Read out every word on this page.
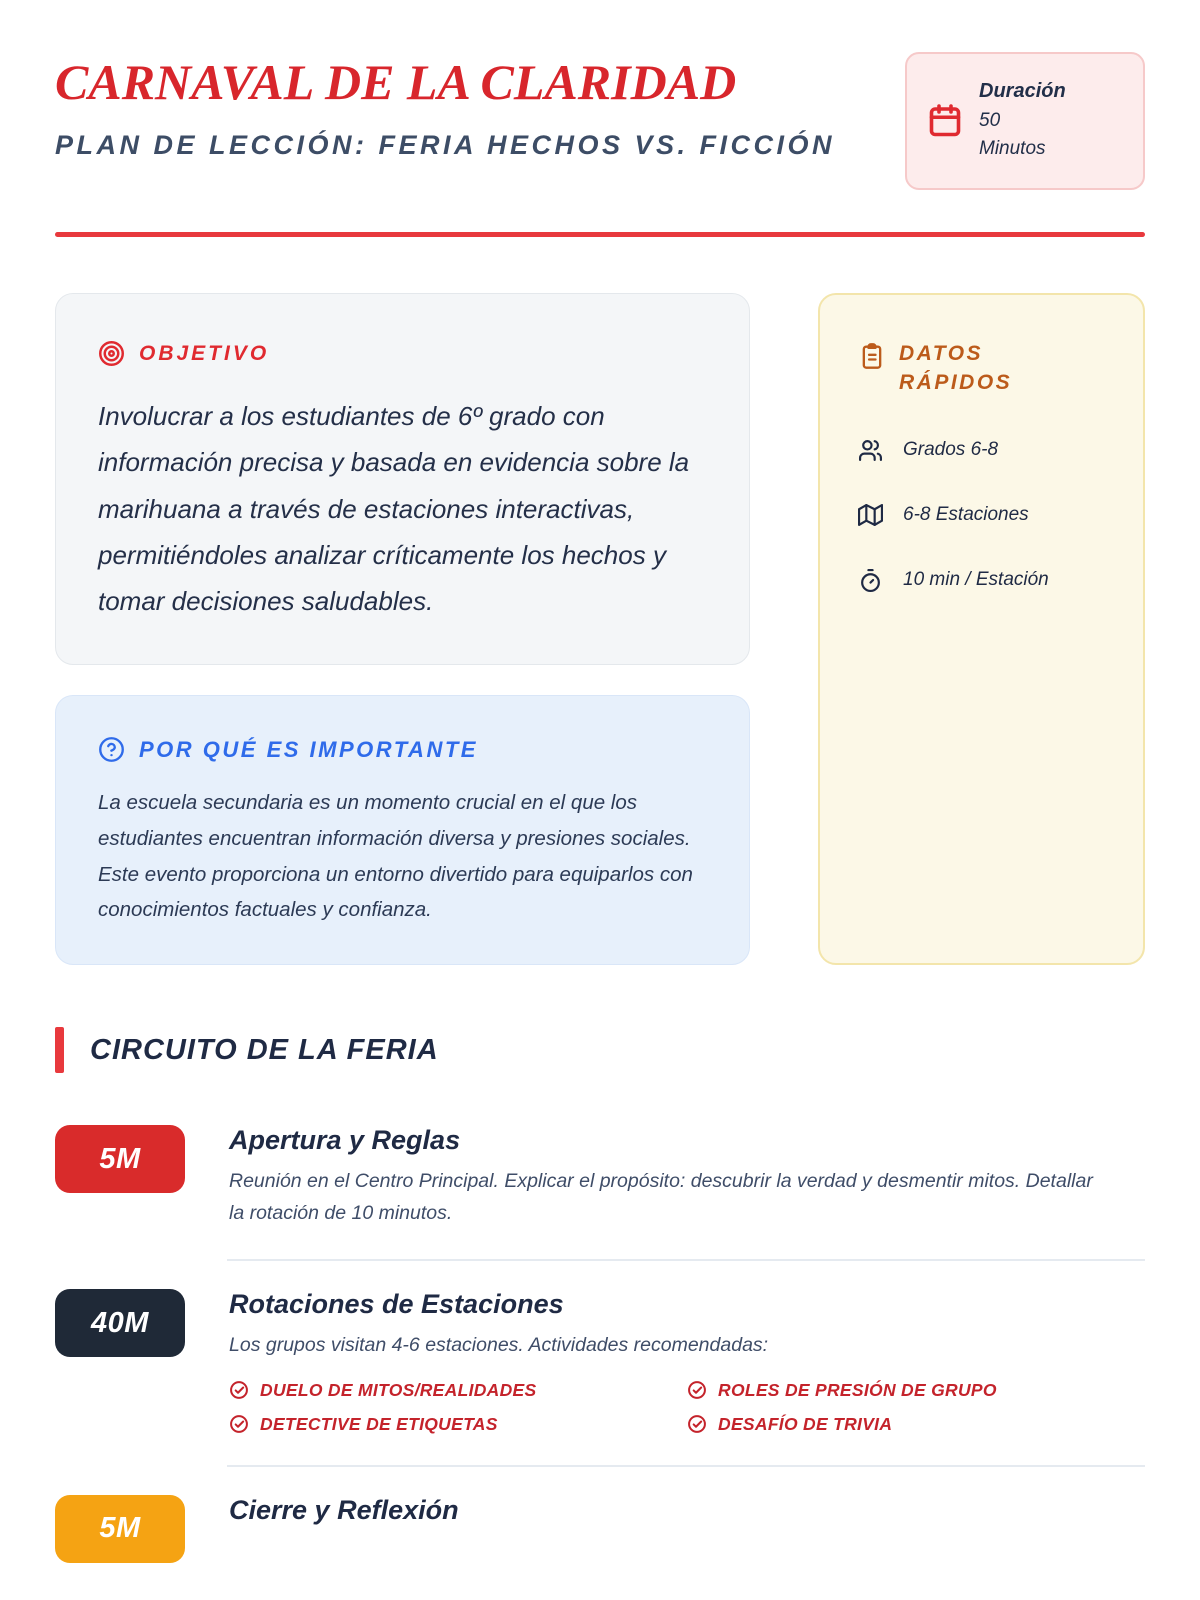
CARNAVAL DE LA CLARIDAD
PLAN DE LECCIÓN: FERIA HECHOS VS. FICCIÓN
Duración
50 Minutos
OBJETIVO
Involucrar a los estudiantes de 6º grado con información precisa y basada en evidencia sobre la marihuana a través de estaciones interactivas, permitiéndoles analizar críticamente los hechos y tomar decisiones saludables.
POR QUÉ ES IMPORTANTE
La escuela secundaria es un momento crucial en el que los estudiantes encuentran información diversa y presiones sociales. Este evento proporciona un entorno divertido para equiparlos con conocimientos factuales y confianza.
DATOS RÁPIDOS
Grados 6-8
6-8 Estaciones
10 min / Estación
CIRCUITO DE LA FERIA
5M
Apertura y Reglas
Reunión en el Centro Principal. Explicar el propósito: descubrir la verdad y desmentir mitos. Detallar la rotación de 10 minutos.
40M
Rotaciones de Estaciones
Los grupos visitan 4-6 estaciones. Actividades recomendadas:
DUELO DE MITOS/REALIDADES	ROLES DE PRESIÓN DE GRUPO
DETECTIVE DE ETIQUETAS	DESAFÍO DE TRIVIA
5M
Cierre y Reflexión
